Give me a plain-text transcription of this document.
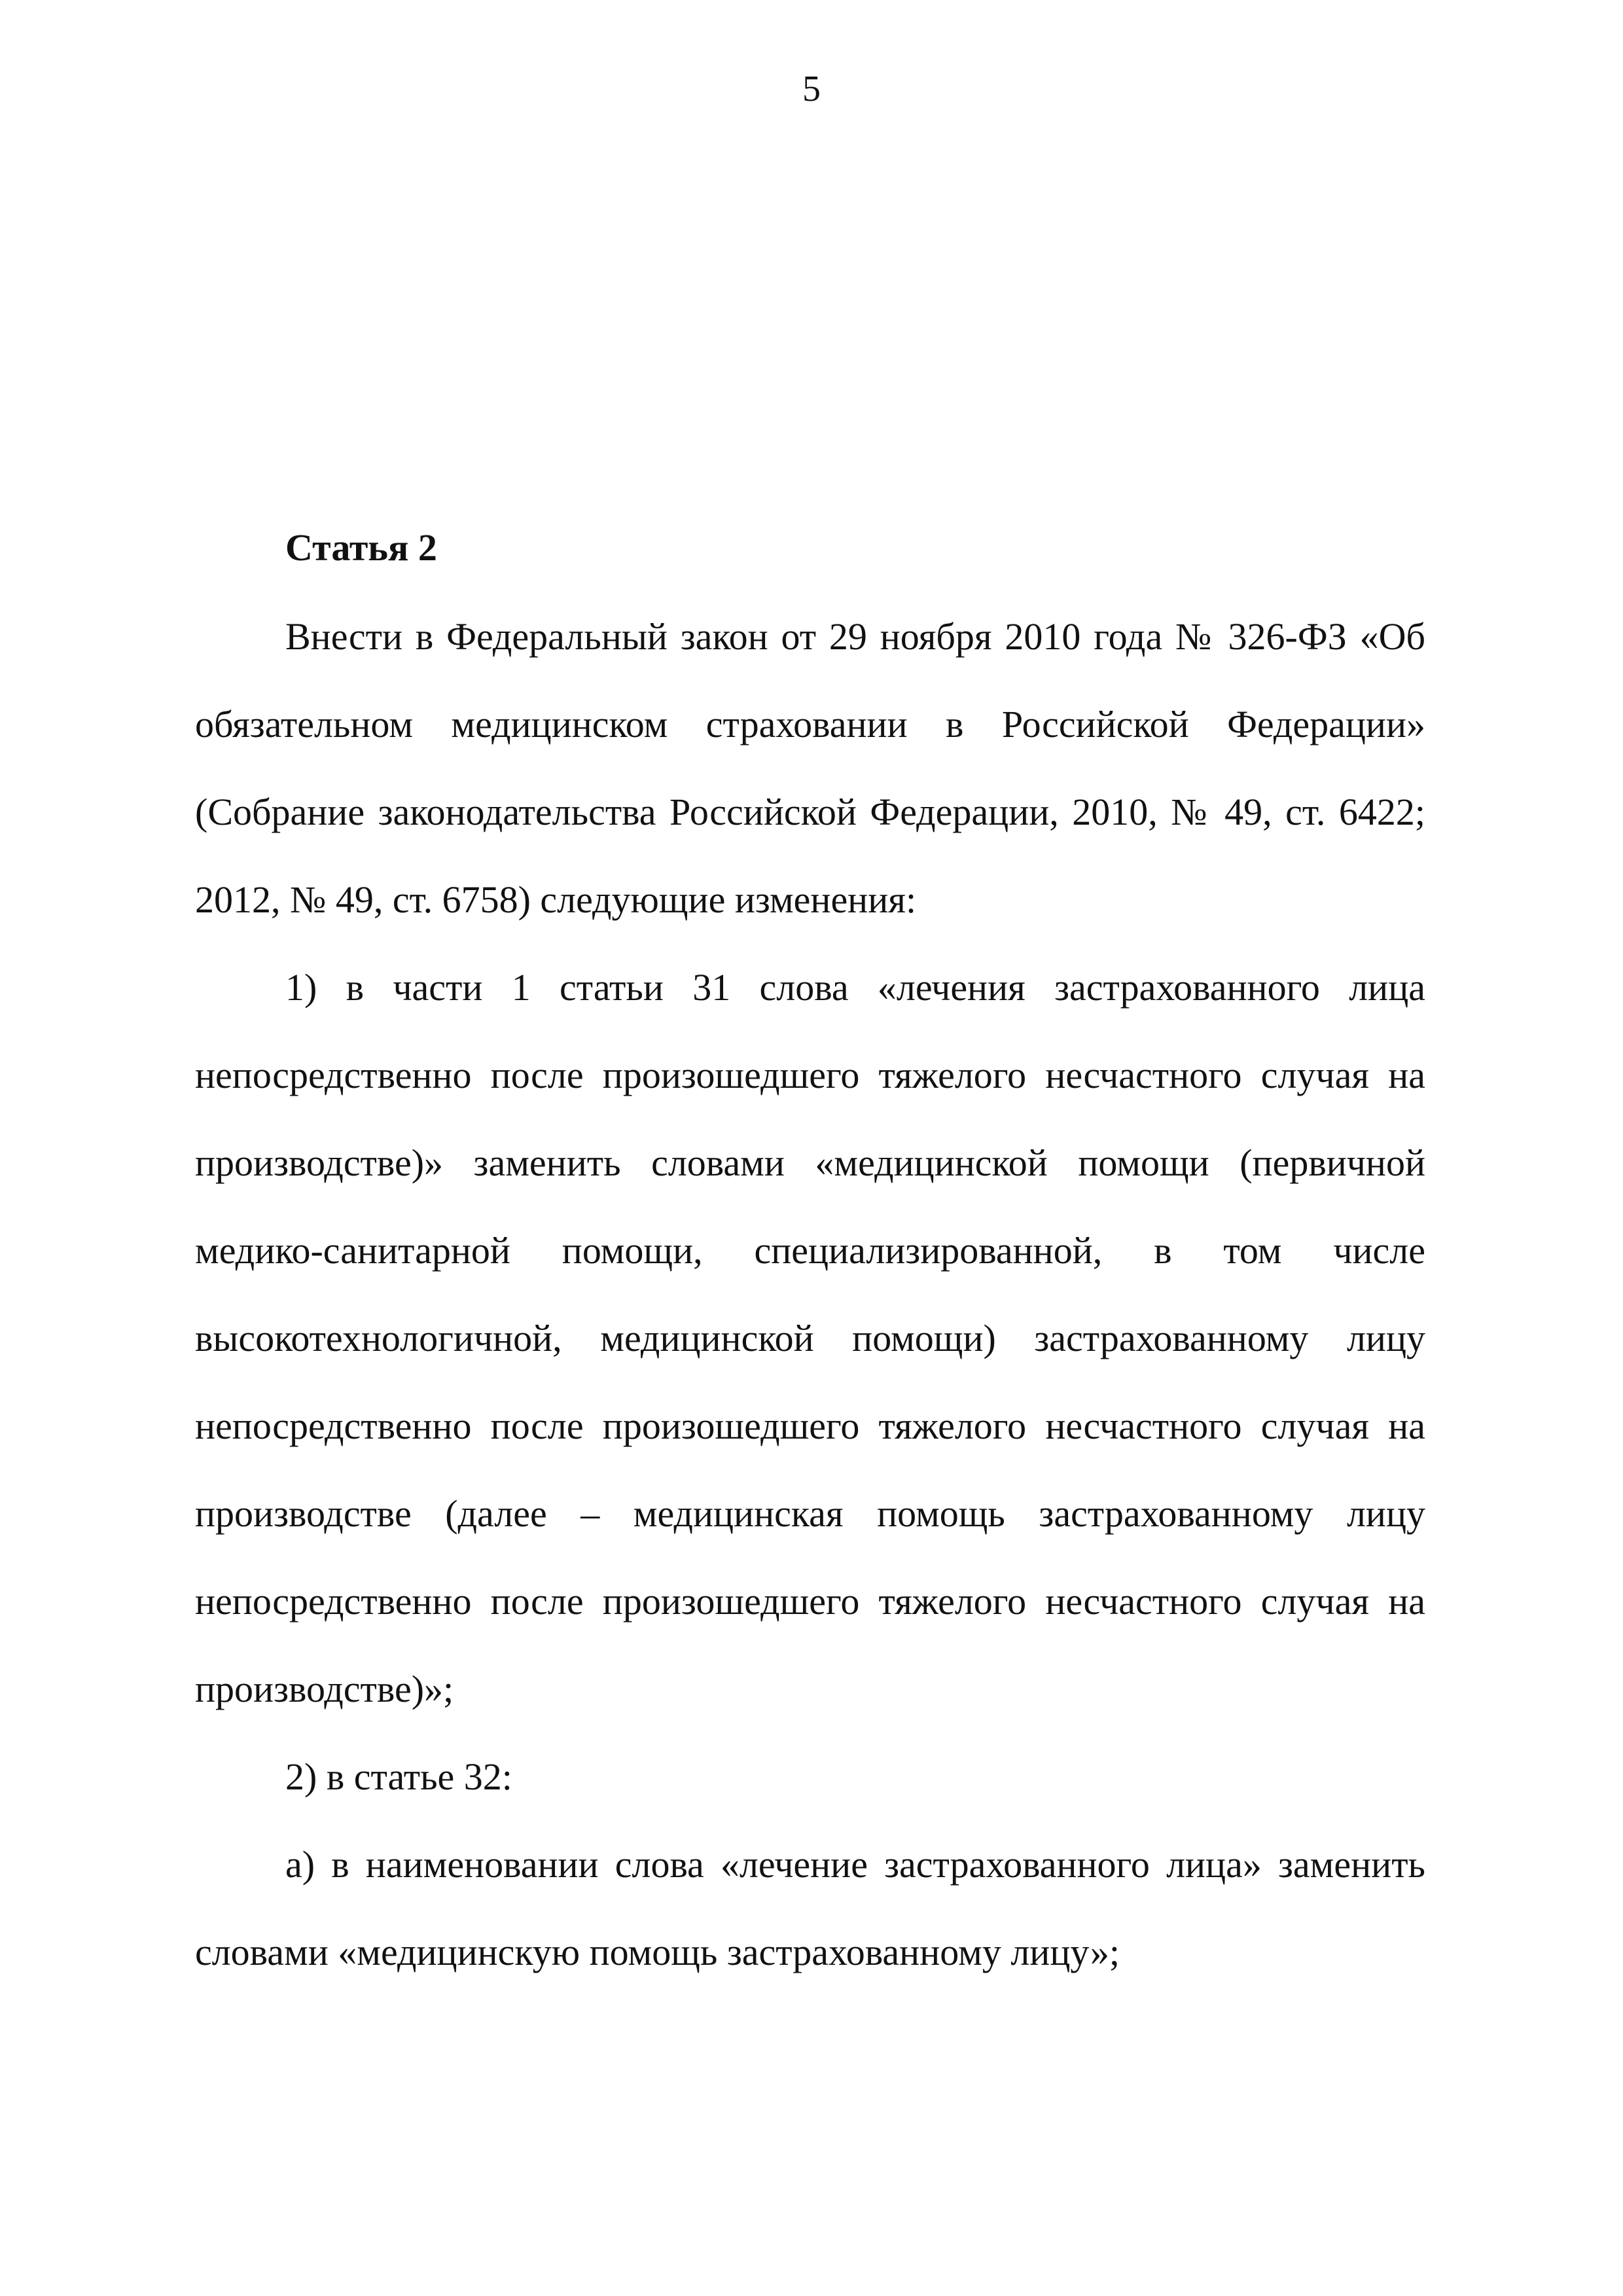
5
Статья 2

Внести в Федеральный закон от 29 ноября 2010 года № 326-ФЗ «Об обязательном медицинском страховании в Российской Федерации» (Собрание законодательства Российской Федерации, 2010, № 49, ст. 6422; 2012, № 49, ст. 6758) следующие изменения:

1) в части 1 статьи 31 слова «лечения застрахованного лица непосредственно после произошедшего тяжелого несчастного случая на производстве)» заменить словами «медицинской помощи (первичной медико-санитарной помощи, специализированной, в том числе высокотехнологичной, медицинской помощи) застрахованному лицу непосредственно после произошедшего тяжелого несчастного случая на производстве (далее – медицинская помощь застрахованному лицу непосредственно после произошедшего тяжелого несчастного случая на производстве)»;

2) в статье 32:

а) в наименовании слова «лечение застрахованного лица» заменить словами «медицинскую помощь застрахованному лицу»;
